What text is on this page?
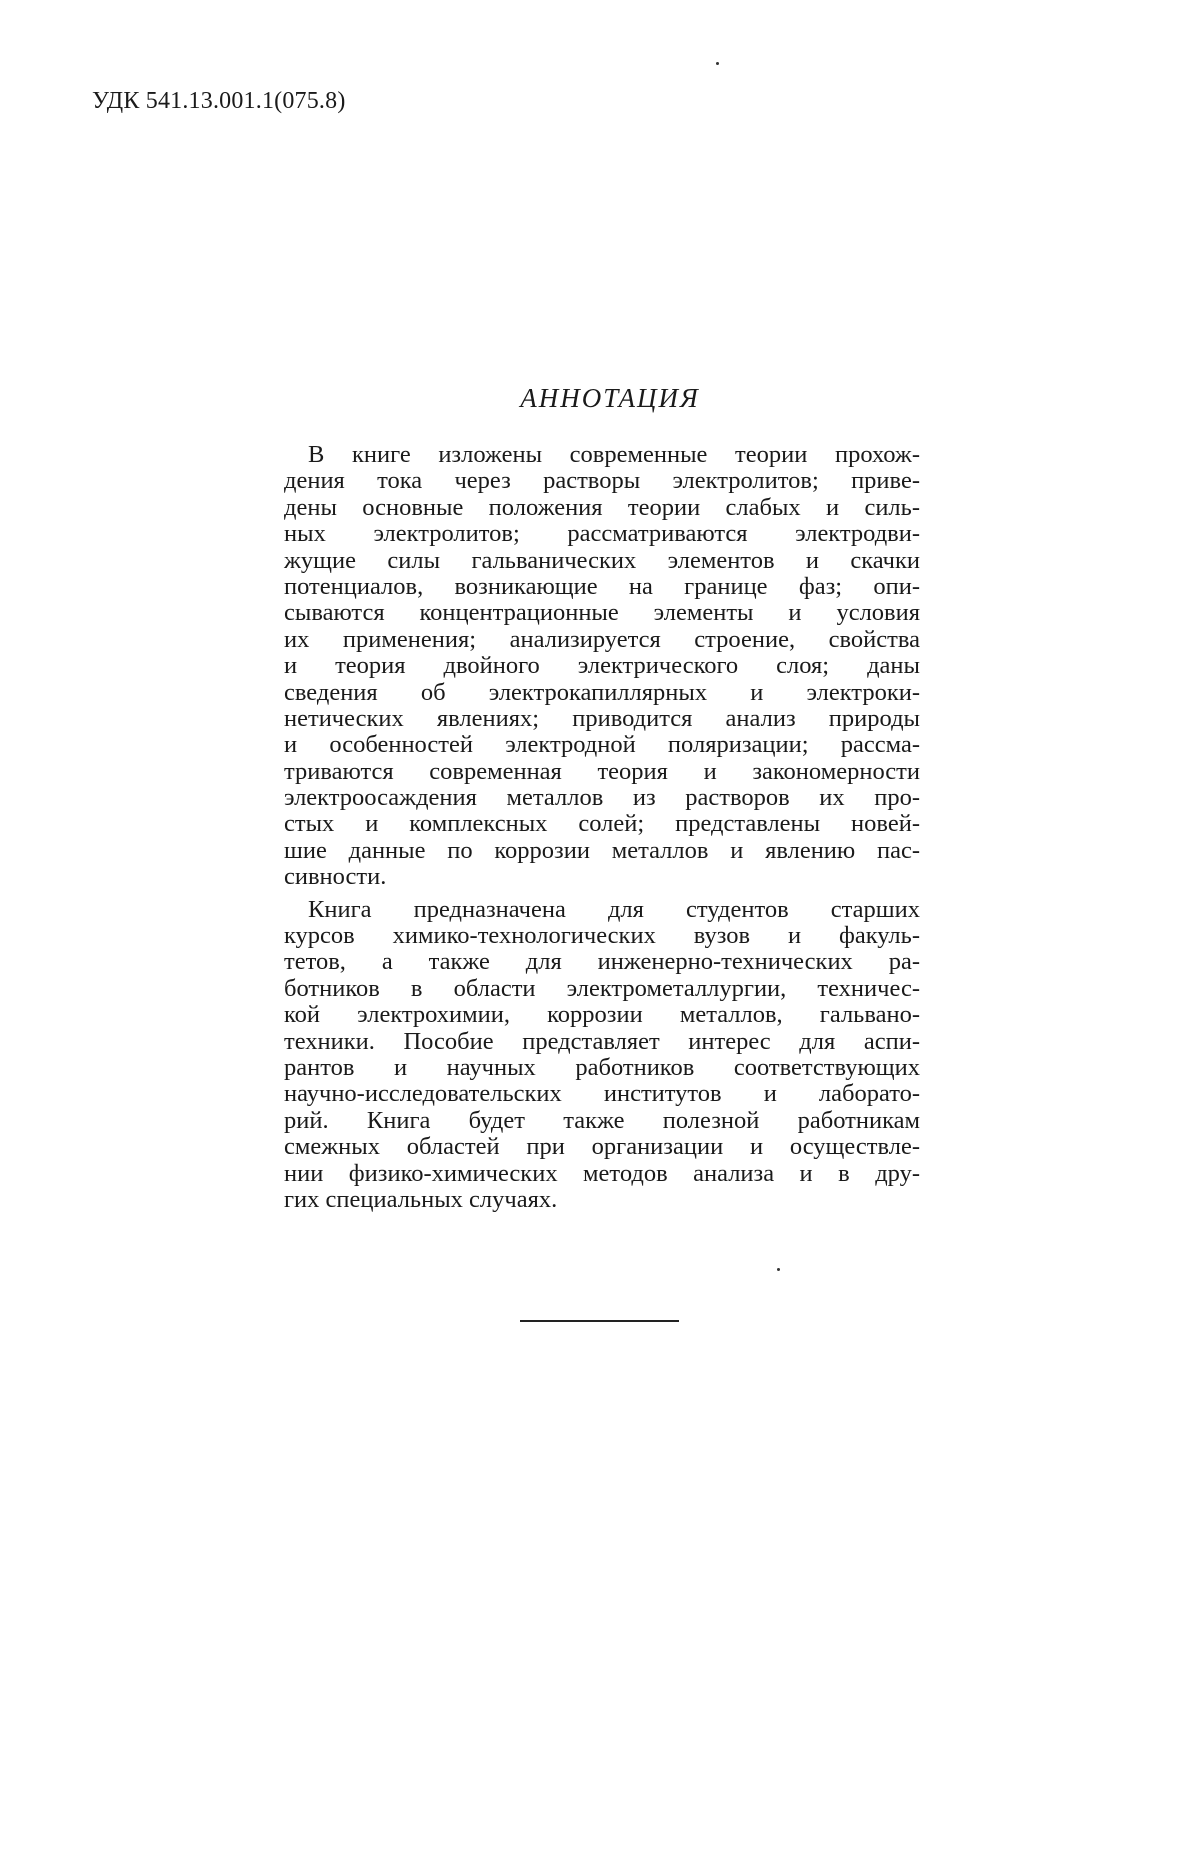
УДК 541.13.001.1(075.8)
АННОТАЦИЯ
В книге изложены современные теории прохож-
дения тока через растворы электролитов; приве-
дены основные положения теории слабых и силь-
ных электролитов; рассматриваются электродви-
жущие силы гальванических элементов и скачки
потенциалов, возникающие на границе фаз; опи-
сываются концентрационные элементы и условия
их применения; анализируется строение, свойства
и теория двойного электрического слоя; даны
сведения об электрокапиллярных и электроки-
нетических явлениях; приводится анализ природы
и особенностей электродной поляризации; рассма-
триваются современная теория и закономерности
электроосаждения металлов из растворов их про-
стых и комплексных солей; представлены новей-
шие данные по коррозии металлов и явлению пас-
сивности.
Книга предназначена для студентов старших
курсов химико-технологических вузов и факуль-
тетов, а также для инженерно-технических ра-
ботников в области электрометаллургии, техничес-
кой электрохимии, коррозии металлов, гальвано-
техники. Пособие представляет интерес для аспи-
рантов и научных работников соответствующих
научно-исследовательских институтов и лаборато-
рий. Книга будет также полезной работникам
смежных областей при организации и осуществле-
нии физико-химических методов анализа и в дру-
гих специальных случаях.
